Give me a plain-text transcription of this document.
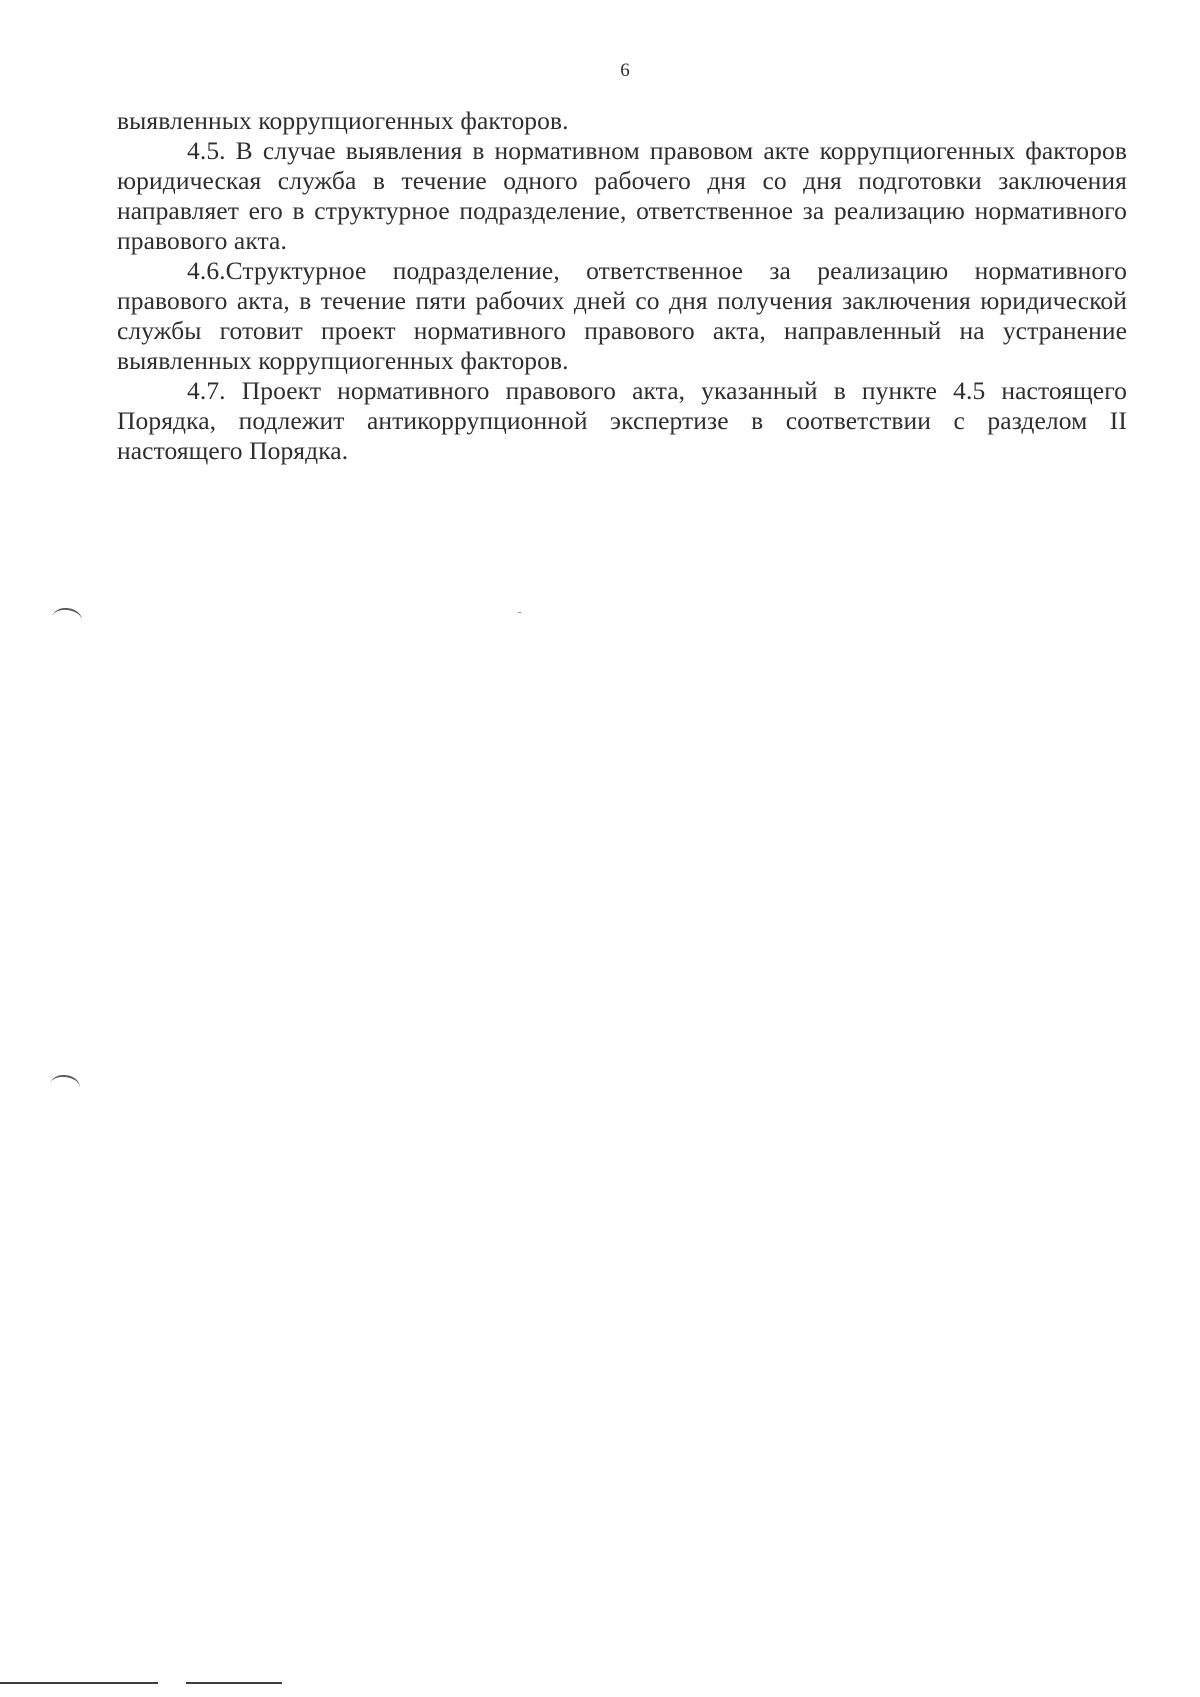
6

выявленных коррупциогенных факторов.

4.5. В случае выявления в нормативном правовом акте коррупциогенных факторов юридическая служба в течение одного рабочего дня со дня подготовки заключения направляет его в структурное подразделение, ответственное за реализацию нормативного правового акта.

4.6.Структурное подразделение, ответственное за реализацию нормативного правового акта, в течение пяти рабочих дней со дня получения заключения юридической службы готовит проект нормативного правового акта, направленный на устранение выявленных коррупциогенных факторов.

4.7. Проект нормативного правового акта, указанный в пункте 4.5 настоящего Порядка, подлежит антикоррупционной экспертизе в соответствии с разделом II настоящего Порядка.
